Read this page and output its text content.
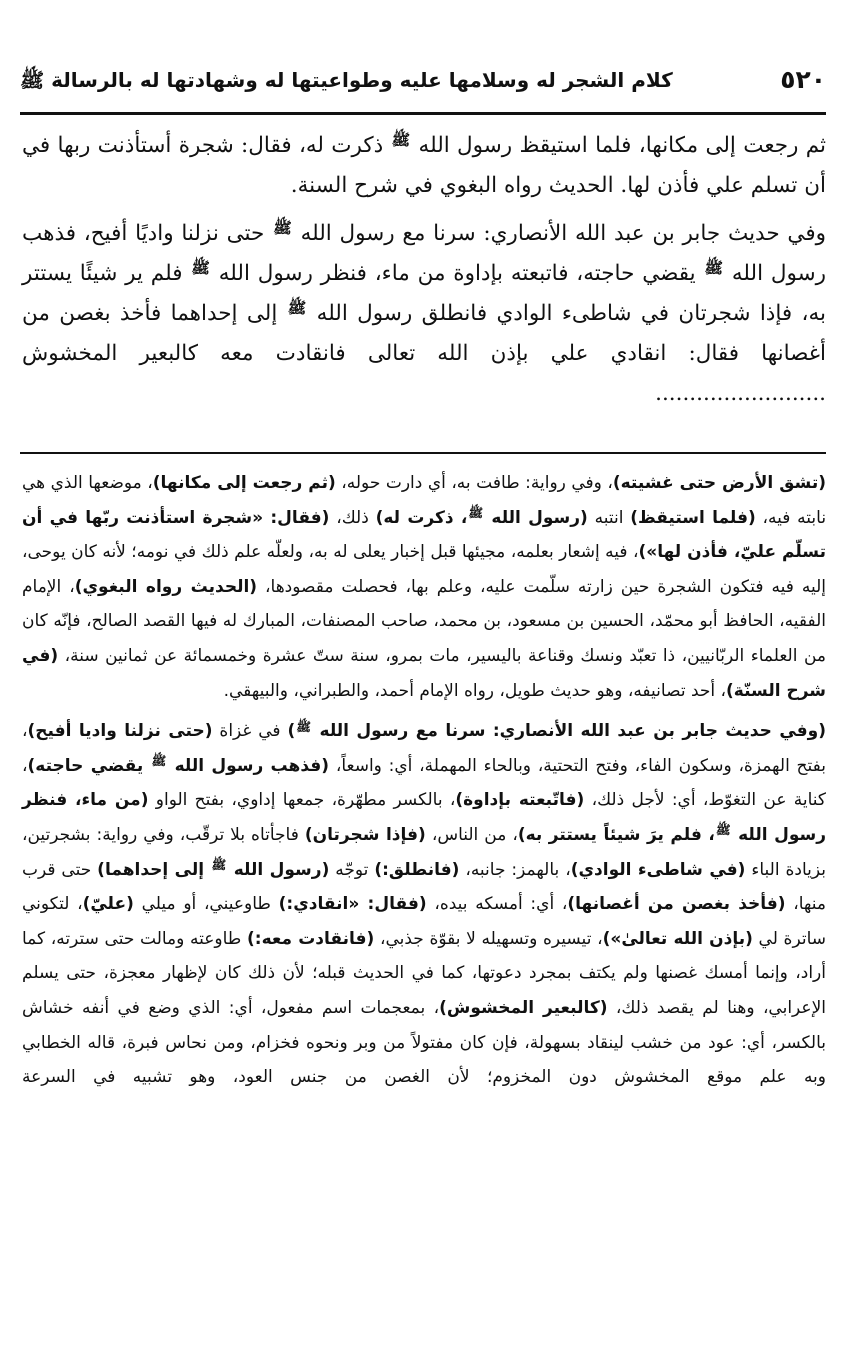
٥٢٠
كلام الشجر له وسلامها عليه وطواعيتها له وشهادتها له بالرسالة ﷺ

ثم رجعت إلى مكانها، فلما استيقظ رسول الله ﷺ ذكرت له، فقال: شجرة أستأذنت ربها في أن تسلم علي فأذن لها. الحديث رواه البغوي في شرح السنة.

وفي حديث جابر بن عبد الله الأنصاري: سرنا مع رسول الله ﷺ حتى نزلنا واديًا أفيح، فذهب رسول الله ﷺ يقضي حاجته، فاتبعته بإداوة من ماء، فنظر رسول الله ﷺ فلم ير شيئًا يستتر به، فإذا شجرتان في شاطىء الوادي فانطلق رسول الله ﷺ إلى إحداهما فأخذ بغصن من أغصانها فقال: انقادي علي بإذن الله تعالى فانقادت معه كالبعير المخشوش .........................

(تشق الأرض حتى غشيته)، وفي رواية: طافت به، أي دارت حوله، (ثم رجعت إلى مكانها)، موضعها الذي هي نابته فيه، (فلما استيقظ) انتبه (رسول الله ﷺ، ذكرت له) ذلك، (فقال: «شجرة استأذنت ربّها في أن تسلّم عليّ، فأذن لها»)، فيه إشعار بعلمه، مجيئها قبل إخبار يعلى له به، ولعلّه علم ذلك في نومه؛ لأنه كان يوحى، إليه فيه فتكون الشجرة حين زارته سلّمت عليه، وعلم بها، فحصلت مقصودها، (الحديث رواه البغوي)، الإمام الفقيه، الحافظ أبو محمّد، الحسين بن مسعود، بن محمد، صاحب المصنفات، المبارك له فيها القصد الصالح، فإنّه كان من العلماء الربّانيين، ذا تعبّد ونسك وقناعة باليسير، مات بمرو، سنة ستّ عشرة وخمسمائة عن ثمانين سنة، (في شرح السنّة)، أحد تصانيفه، وهو حديث طويل، رواه الإمام أحمد، والطبراني، والبيهقي.

(وفي حديث جابر بن عبد الله الأنصاري: سرنا مع رسول الله ﷺ) في غزاة (حتى نزلنا واديا أفيح)، بفتح الهمزة، وسكون الفاء، وفتح التحتية، وبالحاء المهملة، أي: واسعاً، (فذهب رسول الله ﷺ يقضي حاجته)، كناية عن التغوّط، أي: لأجل ذلك، (فاتّبعته بإداوة)، بالكسر مطهّرة، جمعها إداوي، بفتح الواو (من ماء، فنظر رسول الله ﷺ، فلم يرَ شيئاً يستتر به)، من الناس، (فإذا شجرتان) فاجأتاه بلا ترقّب، وفي رواية: بشجرتين، بزيادة الباء (في شاطىء الوادي)، بالهمز: جانبه، (فانطلق:) توجّه (رسول الله ﷺ إلى إحداهما) حتى قرب منها، (فأخذ بغصن من أغصانها)، أي: أمسكه بيده، (فقال: «انقادي:) طاوعيني، أو ميلي (عليّ)، لتكوني ساترة لي (بإذن الله تعالىٰ»)، تيسيره وتسهيله لا بقوّة جذبي، (فانقادت معه:) طاوعته ومالت حتى سترته، كما أراد، وإنما أمسك غصنها ولم يكتف بمجرد دعوتها، كما في الحديث قبله؛ لأن ذلك كان لإظهار معجزة، حتى يسلم الإعرابي، وهنا لم يقصد ذلك، (كالبعير المخشوش)، بمعجمات اسم مفعول، أي: الذي وضع في أنفه خشاش بالكسر، أي: عود من خشب لينقاد بسهولة، فإن كان مفتولاً من وبر ونحوه فخزام، ومن نحاس فبرة، قاله الخطابي وبه علم موقع المخشوش دون المخزوم؛ لأن الغصن من جنس العود، وهو تشبيه في السرعة
